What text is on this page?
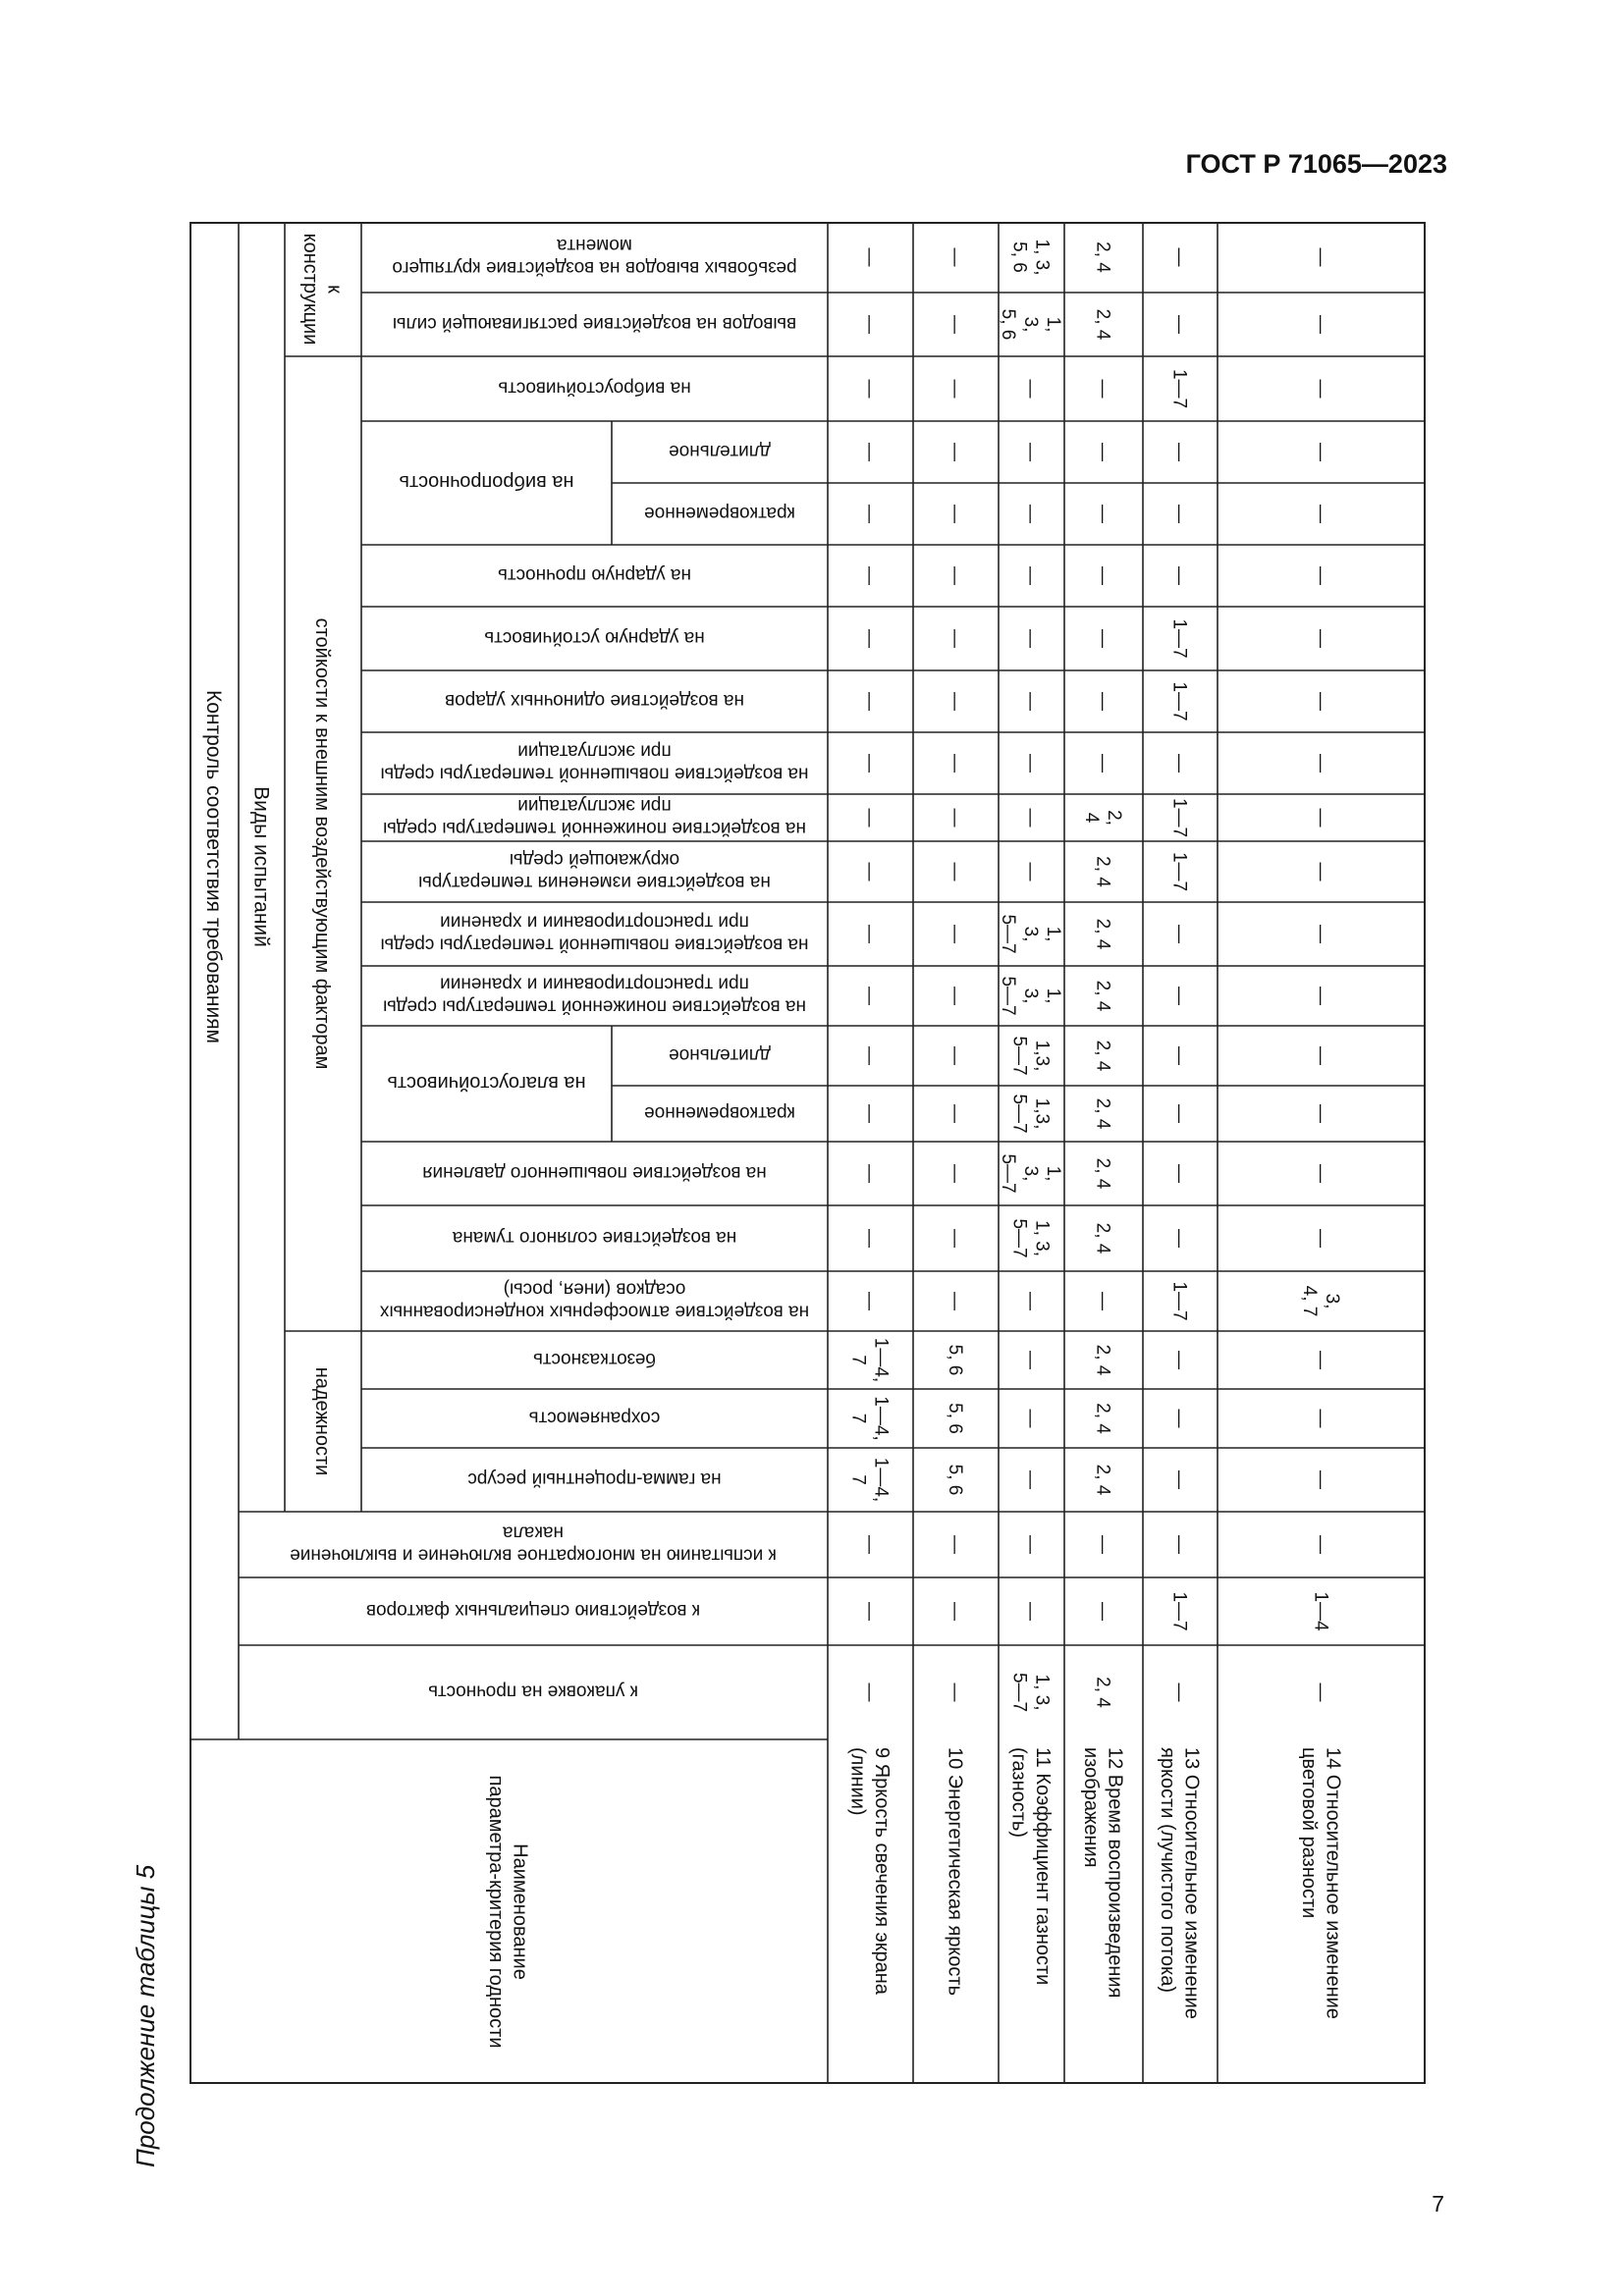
ГОСТ Р 71065—2023
Продолжение таблицы 5
7
Контроль соответствия требованиям Виды испытаний
кконструкции
стойкости к внешним воздействующим факторам
надежности
на вибропрочность
на влагоустойчивость
Наименованиепараметра-критерия годности
резьбовых выводов на воздействие крутящегомомента
выводов на воздействие растягивающей силы
на виброустойчивость
длительное
кратковременное
на ударную прочность
на ударную устойчивость
на воздействие одиночных ударов
на воздействие повышенной температуры средыпри эксплуатации
на воздействие пониженной температуры средыпри эксплуатации
на воздействие изменения температурыокружающей среды
на воздействие повышенной температуры средыпри транспортировании и хранении
на воздействие пониженной температуры средыпри транспортировании и хранении
длительное
кратковременное
на воздействие повышенного давления
на воздействие соляного тумана
на воздействие атмосферных конденсированныхосадков (инея, росы)
безотказность
сохраняемость
на гамма-процентный ресурс
к испытанию на многократное включение и выключениенакала
к воздействию специальных факторов
к упаковке на прочность
9 Яркость свечения экрана(линии)
—
—
—
—
—
—
—
—
—
—
—
—
—
—
—
—
—
—
1—4,7
1—4,7
1—4,7
—
—
—
10 Энергетическая яркость
—
—
—
—
—
—
—
—
—
—
—
—
—
—
—
—
—
—
5, 6
5, 6
5, 6
—
—
—
11 Коэффициент газности(газность)
1, 3,5, 6
1,3,5, 6
—
—
—
—
—
—
—
—
—
1,3,5—7
1,3,5—7
1,3,5—7
1,3,5—7
1,3,5—7
1, 3,5—7
—
—
—
—
—
—
1, 3,5—7
12 Время воспроизведенияизображения
2, 4
2, 4
—
—
—
—
—
—
—
2,4
2, 4
2, 4
2, 4
2, 4
2, 4
2, 4
2, 4
—
2, 4
2, 4
2, 4
—
—
2, 4
13 Относительное изменениеяркости (лучистого потока)
—
—
1—7
—
—
—
1—7
1—7
—
1—7
1—7
—
—
—
—
—
—
1—7
—
—
—
—
1—7
—
14 Относительное изменениецветовой разности
—
—
—
—
—
—
—
—
—
—
—
—
—
—
—
—
—
3,4, 7
—
—
—
—
1—4
—
